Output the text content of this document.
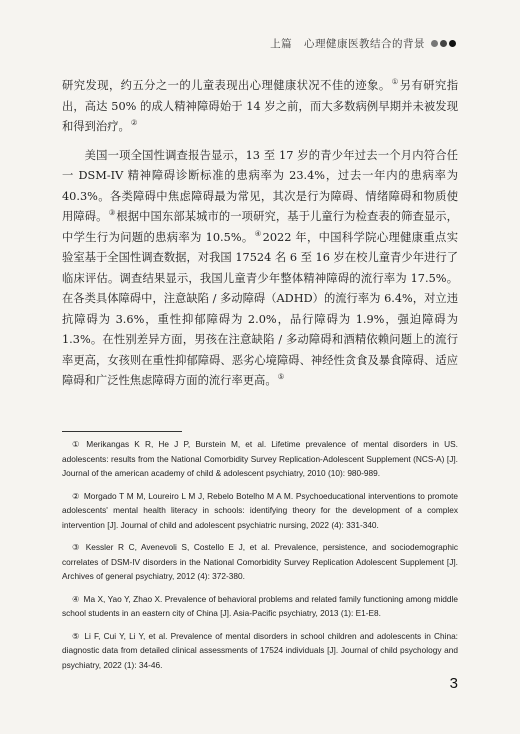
上篇
心理健康医教结合的背景

研究发现，约五分之一的儿童表现出心理健康状况不佳的迹象。①另有研究指出，高达 50% 的成人精神障碍始于 14 岁之前，而大多数病例早期并未被发现和得到治疗。②

美国一项全国性调查报告显示，13 至 17 岁的青少年过去一个月内符合任一 DSM-IV 精神障碍诊断标准的患病率为 23.4%，过去一年内的患病率为 40.3%。各类障碍中焦虑障碍最为常见，其次是行为障碍、情绪障碍和物质使用障碍。③根据中国东部某城市的一项研究，基于儿童行为检查表的筛查显示，中学生行为问题的患病率为 10.5%。④2022 年，中国科学院心理健康重点实验室基于全国性调查数据，对我国 17524 名 6 至 16 岁在校儿童青少年进行了临床评估。调查结果显示，我国儿童青少年整体精神障碍的流行率为 17.5%。在各类具体障碍中，注意缺陷 / 多动障碍（ADHD）的流行率为 6.4%，对立违抗障碍为 3.6%，重性抑郁障碍为 2.0%，品行障碍为 1.9%，强迫障碍为 1.3%。在性别差异方面，男孩在注意缺陷 / 多动障碍和酒精依赖问题上的流行率更高，女孩则在重性抑郁障碍、恶劣心境障碍、神经性贪食及暴食障碍、适应障碍和广泛性焦虑障碍方面的流行率更高。⑤

① Merikangas K R, He J P, Burstein M, et al. Lifetime prevalence of mental disorders in US. adolescents: results from the National Comorbidity Survey Replication-Adolescent Supplement (NCS-A) [J]. Journal of the american academy of child & adolescent psychiatry, 2010 (10): 980-989.

② Morgado T M M, Loureiro L M J, Rebelo Botelho M A M. Psychoeducational interventions to promote adolescents' mental health literacy in schools: identifying theory for the development of a complex intervention [J]. Journal of child and adolescent psychiatric nursing, 2022 (4): 331-340.

③ Kessler R C, Avenevoli S, Costello E J, et al. Prevalence, persistence, and sociodemographic correlates of DSM-IV disorders in the National Comorbidity Survey Replication Adolescent Supplement [J]. Archives of general psychiatry, 2012 (4): 372-380.

④ Ma X, Yao Y, Zhao X. Prevalence of behavioral problems and related family functioning among middle school students in an eastern city of China [J]. Asia-Pacific psychiatry, 2013 (1): E1-E8.

⑤ Li F, Cui Y, Li Y, et al. Prevalence of mental disorders in school children and adolescents in China: diagnostic data from detailed clinical assessments of 17524 individuals [J]. Journal of child psychology and psychiatry, 2022 (1): 34-46.

3
